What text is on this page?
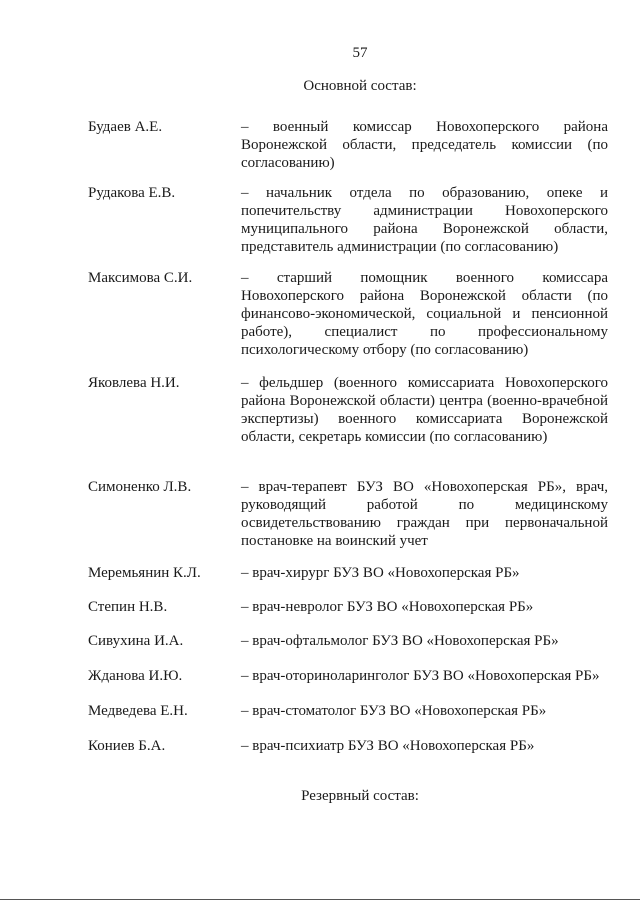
57
Основной состав:
Будаев А.Е.	– военный комиссар Новохоперского района Воронежской области, председатель комиссии (по согласованию)
Рудакова Е.В.	– начальник отдела по образованию, опеке и попечительству администрации Новохоперского муниципального района Воронежской области, представитель администрации (по согласованию)
Максимова С.И.	– старший помощник военного комиссара Новохоперского района Воронежской области (по финансово-экономической, социальной и пенсионной работе), специалист по профессиональному психологическому отбору (по согласованию)
Яковлева Н.И.	– фельдшер (военного комиссариата Новохоперского района Воронежской области) центра (военно-врачебной экспертизы) военного комиссариата Воронежской области, секретарь комиссии (по согласованию)
Симоненко Л.В.	– врач-терапевт БУЗ ВО «Новохоперская РБ», врач, руководящий работой по медицинскому освидетельствованию граждан при первоначальной постановке на воинский учет
Меремьянин К.Л.	– врач-хирург БУЗ ВО «Новохоперская РБ»
Степин Н.В.	– врач-невролог БУЗ ВО «Новохоперская РБ»
Сивухина И.А.	– врач-офтальмолог БУЗ ВО «Новохоперская РБ»
Жданова И.Ю.	– врач-оториноларинголог БУЗ ВО «Новохоперская РБ»
Медведева Е.Н.	– врач-стоматолог БУЗ ВО «Новохоперская РБ»
Кониев Б.А.	– врач-психиатр БУЗ ВО «Новохоперская РБ»
Резервный состав:
